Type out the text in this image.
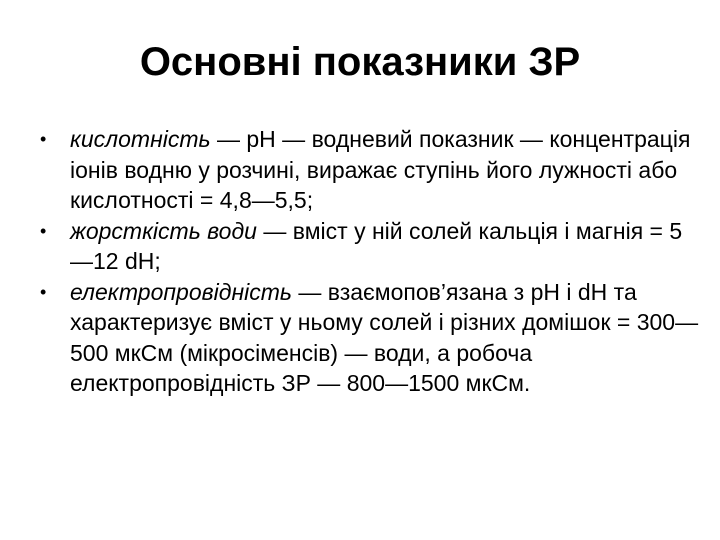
Основні показники ЗР
• кислотність — pH — водневий показник — концентрація іонів водню у розчині, виражає ступінь його лужності або кислотності = 4,8—5,5;
• жорсткість води — вміст у ній солей кальція і магнія = 5—12 dH;
• електропровідність — взаємопов’язана з pH і dH та характеризує вміст у ньому солей і різних домішок = 300—500 мкСм (мікросіменсів) — води, а робоча електропровідність ЗР — 800—1500 мкСм.
